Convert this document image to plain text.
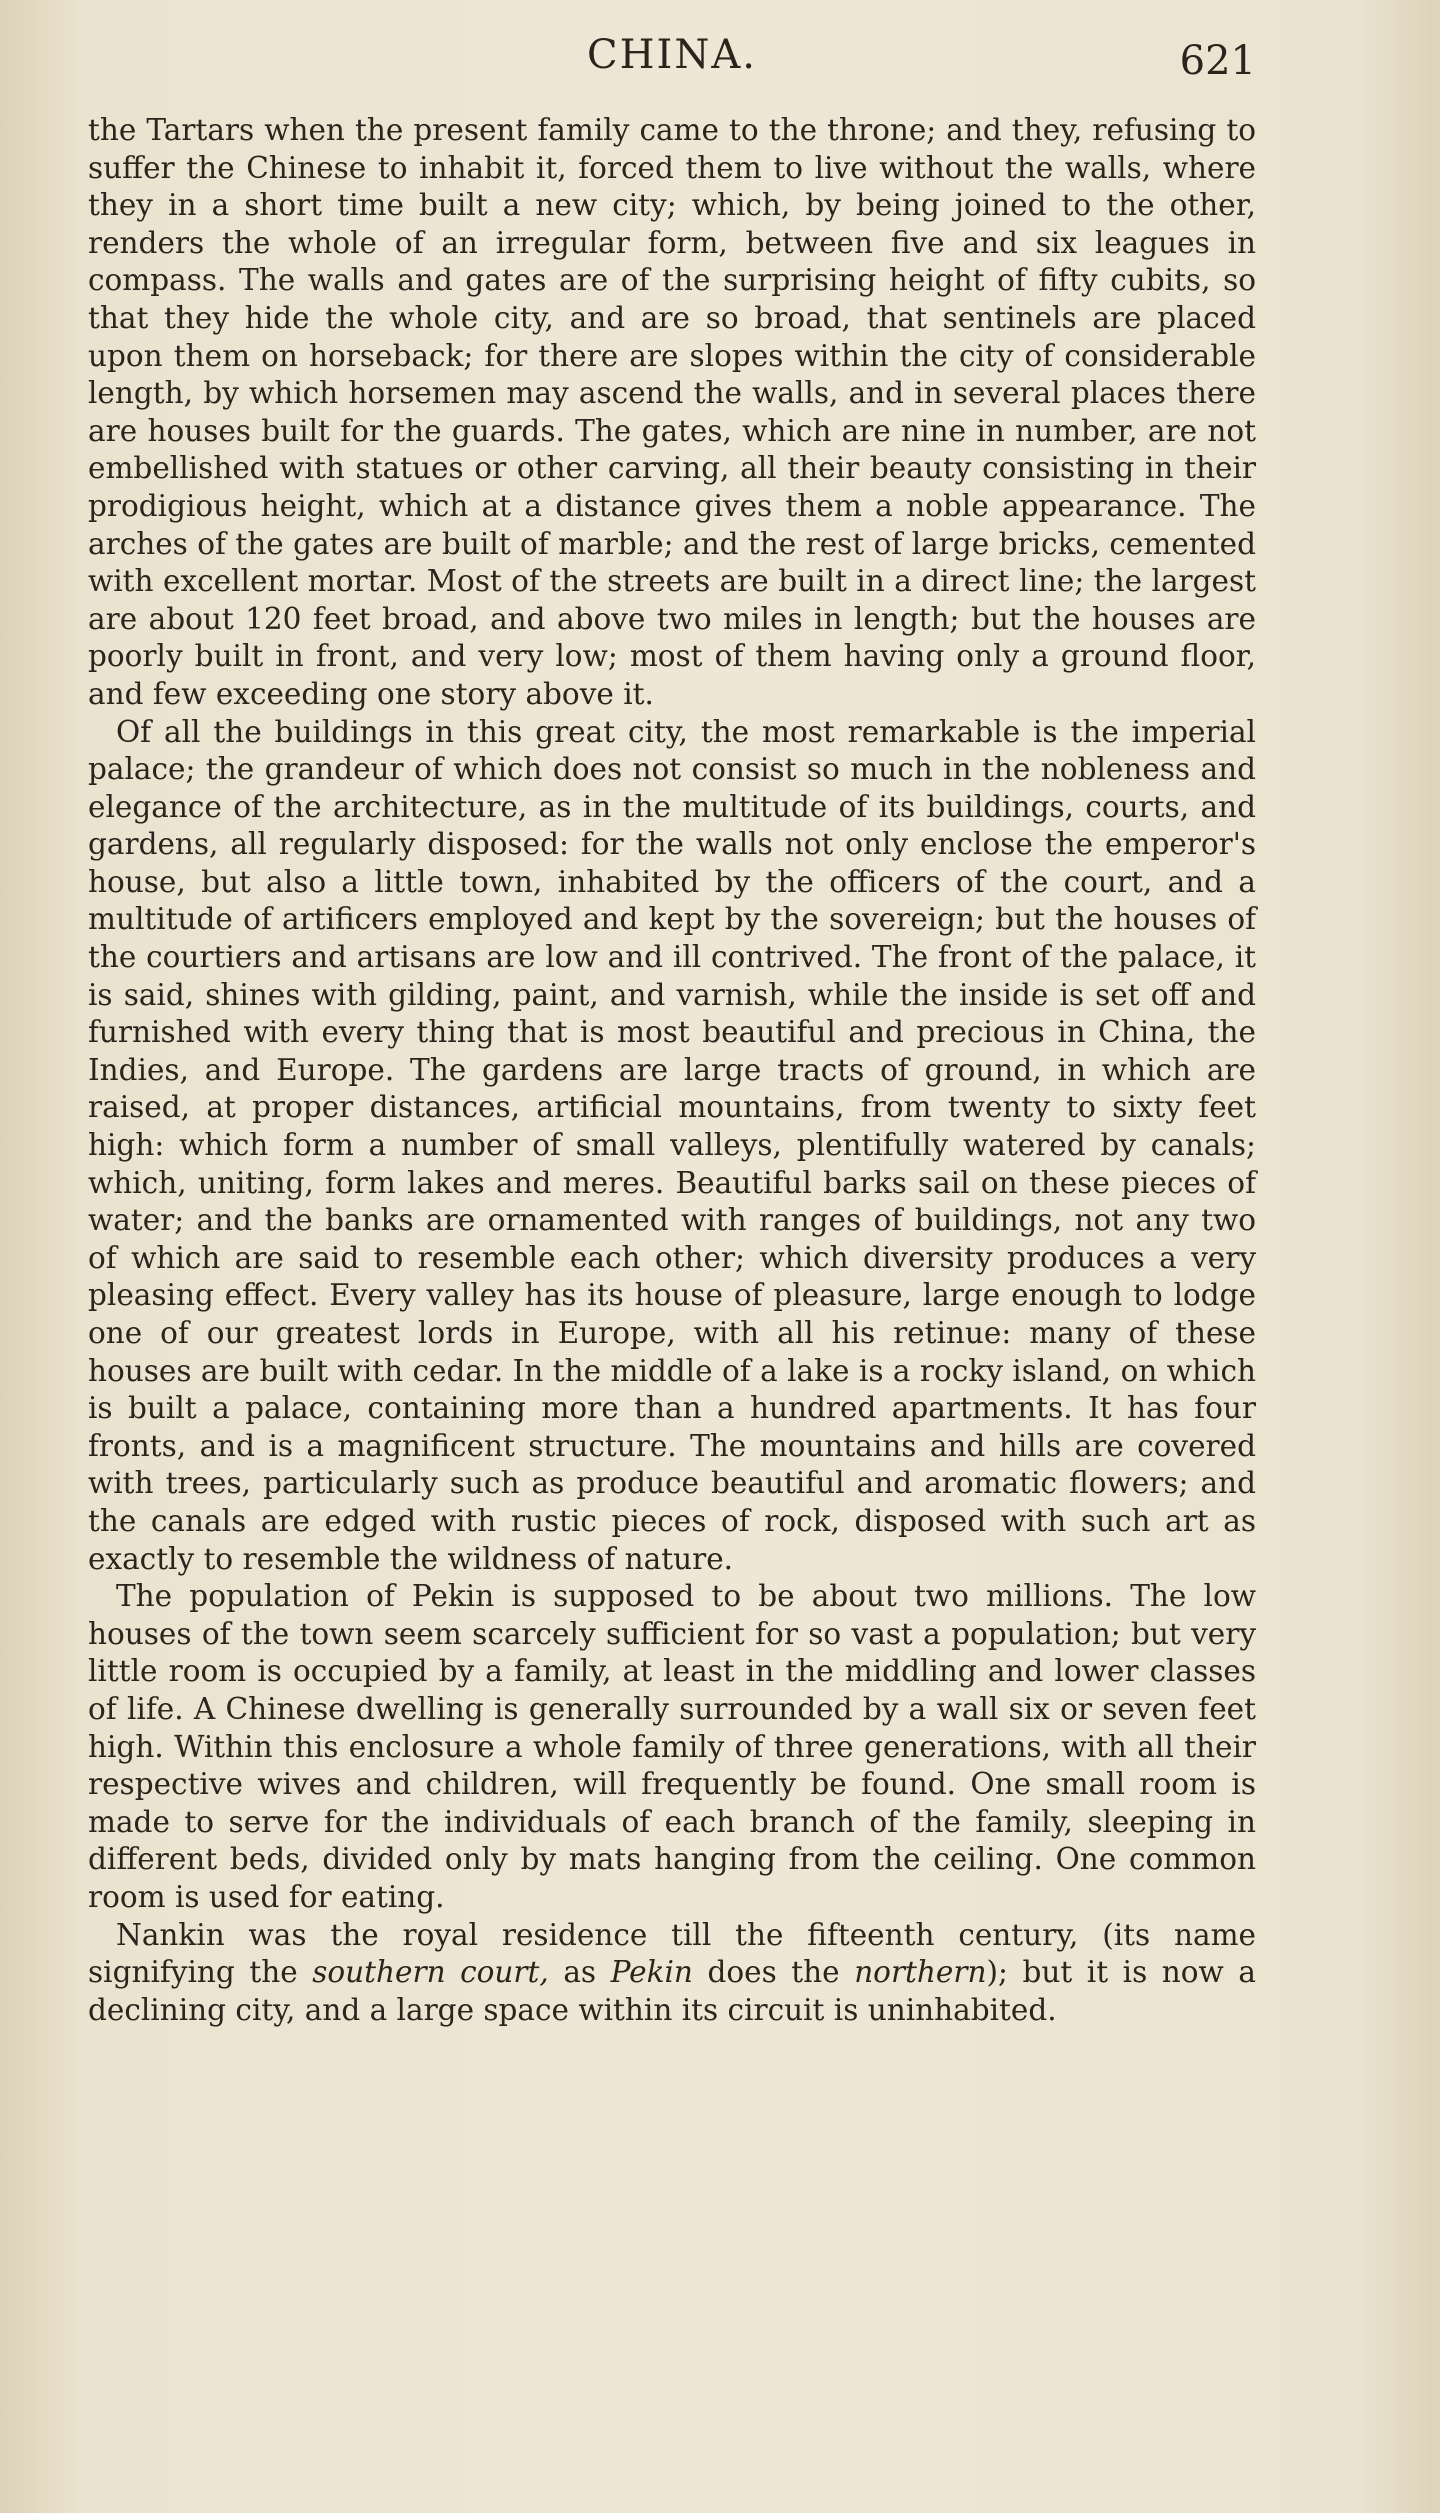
CHINA.	621

the Tartars when the present family came to the throne; and they, refusing to suffer the Chinese to inhabit it, forced them to live without the walls, where they in a short time built a new city; which, by being joined to the other, renders the whole of an irregular form, between five and six leagues in compass. The walls and gates are of the surprising height of fifty cubits, so that they hide the whole city, and are so broad, that sentinels are placed upon them on horseback; for there are slopes within the city of considerable length, by which horsemen may ascend the walls, and in several places there are houses built for the guards. The gates, which are nine in number, are not embellished with statues or other carving, all their beauty consisting in their prodigious height, which at a distance gives them a noble appearance. The arches of the gates are built of marble; and the rest of large bricks, cemented with excellent mortar. Most of the streets are built in a direct line; the largest are about 120 feet broad, and above two miles in length; but the houses are poorly built in front, and very low; most of them having only a ground floor, and few exceeding one story above it.

Of all the buildings in this great city, the most remarkable is the imperial palace; the grandeur of which does not consist so much in the nobleness and elegance of the architecture, as in the multitude of its buildings, courts, and gardens, all regularly disposed: for the walls not only enclose the emperor's house, but also a little town, inhabited by the officers of the court, and a multitude of artificers employed and kept by the sovereign; but the houses of the courtiers and artisans are low and ill contrived. The front of the palace, it is said, shines with gilding, paint, and varnish, while the inside is set off and furnished with every thing that is most beautiful and precious in China, the Indies, and Europe. The gardens are large tracts of ground, in which are raised, at proper distances, artificial mountains, from twenty to sixty feet high: which form a number of small valleys, plentifully watered by canals; which, uniting, form lakes and meres. Beautiful barks sail on these pieces of water; and the banks are ornamented with ranges of buildings, not any two of which are said to resemble each other; which diversity produces a very pleasing effect. Every valley has its house of pleasure, large enough to lodge one of our greatest lords in Europe, with all his retinue: many of these houses are built with cedar. In the middle of a lake is a rocky island, on which is built a palace, containing more than a hundred apartments. It has four fronts, and is a magnificent structure. The mountains and hills are covered with trees, particularly such as produce beautiful and aromatic flowers; and the canals are edged with rustic pieces of rock, disposed with such art as exactly to resemble the wildness of nature.

The population of Pekin is supposed to be about two millions. The low houses of the town seem scarcely sufficient for so vast a population; but very little room is occupied by a family, at least in the middling and lower classes of life. A Chinese dwelling is generally surrounded by a wall six or seven feet high. Within this enclosure a whole family of three generations, with all their respective wives and children, will frequently be found. One small room is made to serve for the individuals of each branch of the family, sleeping in different beds, divided only by mats hanging from the ceiling. One common room is used for eating.

Nankin was the royal residence till the fifteenth century, (its name signifying the southern court, as Pekin does the northern); but it is now a declining city, and a large space within its circuit is uninhabited.
